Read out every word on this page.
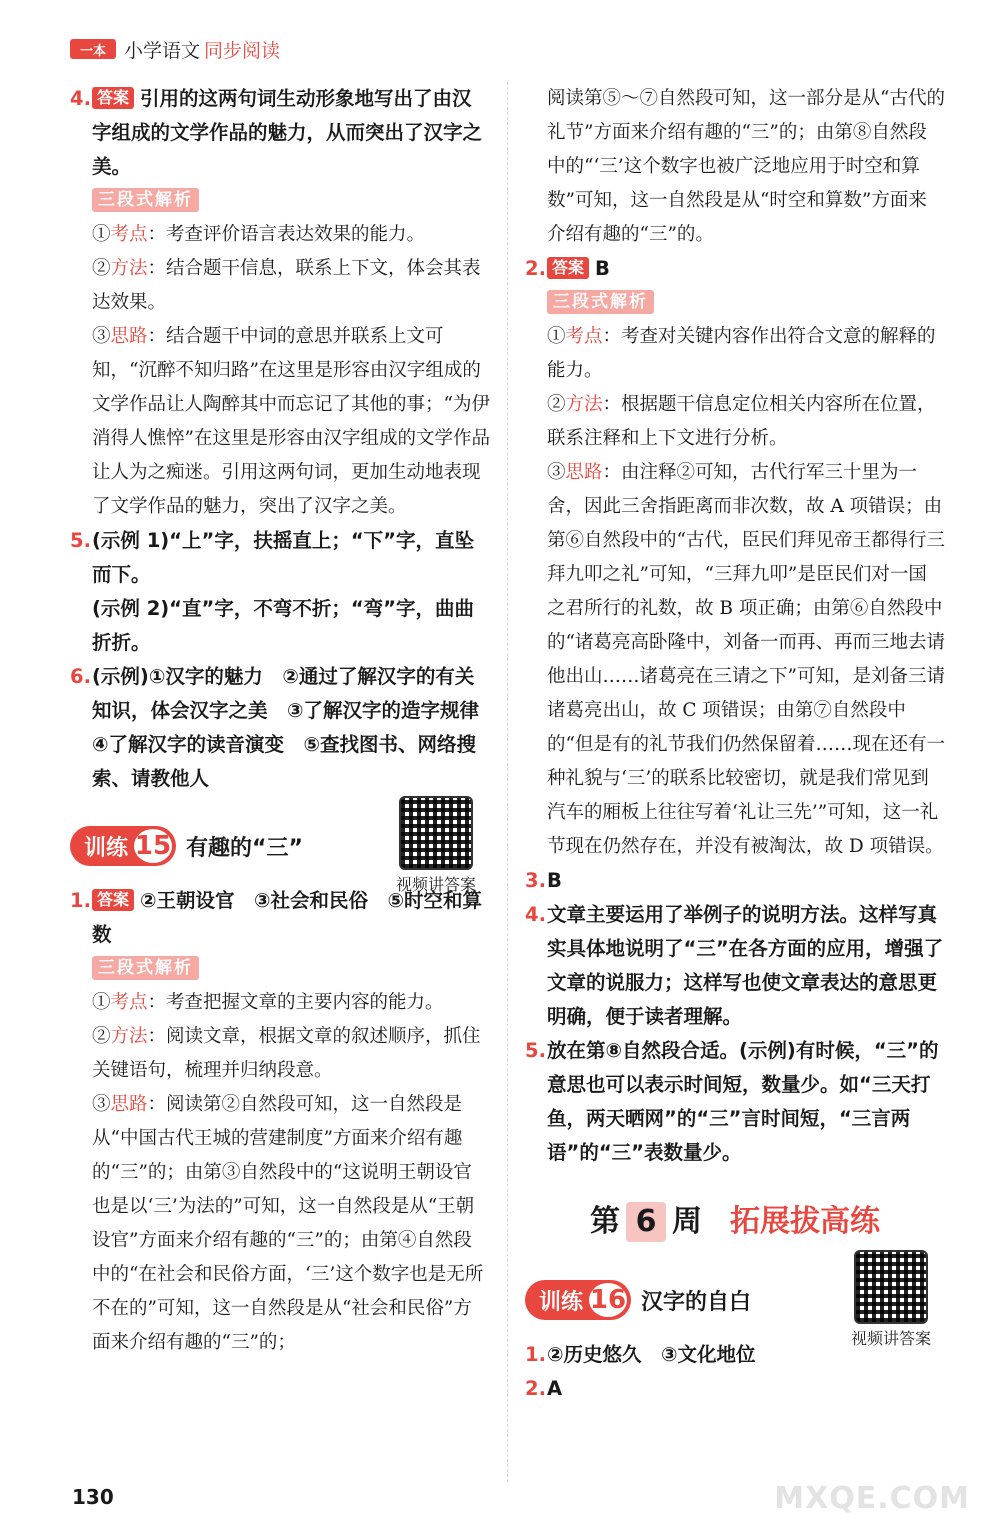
一本 小学语文 同步阅读
4. 答案 引用的这两句词生动形象地写出了由汉字组成的文学作品的魅力，从而突出了汉字之美。
三段式解析
①考点：考查评价语言表达效果的能力。
②方法：结合题干信息，联系上下文，体会其表达效果。
③思路：结合题干中词的意思并联系上文可知，“沉醉不知归路”在这里是形容由汉字组成的文学作品让人陶醉其中而忘记了其他的事；“为伊消得人憔悴”在这里是形容由汉字组成的文学作品让人为之痴迷。引用这两句词，更加生动地表现了文学作品的魅力，突出了汉字之美。
5. (示例 1)“上”字，扶摇直上；“下”字，直坠而下。
(示例 2)“直”字，不弯不折；“弯”字，曲曲折折。
6. (示例)①汉字的魅力　②通过了解汉字的有关知识，体会汉字之美　③了解汉字的造字规律　④了解汉字的读音演变　⑤查找图书、网络搜索、请教他人
训练 15 有趣的“三”
视频讲答案
1. 答案 ②王朝设官　③社会和民俗　⑤时空和算数
三段式解析
①考点：考查把握文章的主要内容的能力。
②方法：阅读文章，根据文章的叙述顺序，抓住关键语句，梳理并归纳段意。
③思路：阅读第②自然段可知，这一自然段是从“中国古代王城的营建制度”方面来介绍有趣的“三”的；由第③自然段中的“这说明王朝设官也是以‘三’为法的”可知，这一自然段是从“王朝设官”方面来介绍有趣的“三”的；由第④自然段中的“在社会和民俗方面，‘三’这个数字也是无所不在的”可知，这一自然段是从“社会和民俗”方面来介绍有趣的“三”的；
阅读第⑤～⑦自然段可知，这一部分是从“古代的礼节”方面来介绍有趣的“三”的；由第⑧自然段中的“‘三’这个数字也被广泛地应用于时空和算数”可知，这一自然段是从“时空和算数”方面来介绍有趣的“三”的。
2. 答案 B
三段式解析
①考点：考查对关键内容作出符合文意的解释的能力。
②方法：根据题干信息定位相关内容所在位置，联系注释和上下文进行分析。
③思路：由注释②可知，古代行军三十里为一舍，因此三舍指距离而非次数，故 A 项错误；由第⑥自然段中的“古代，臣民们拜见帝王都得行三拜九叩之礼”可知，“三拜九叩”是臣民们对一国之君所行的礼数，故 B 项正确；由第⑥自然段中的“诸葛亮高卧隆中，刘备一而再、再而三地去请他出山……诸葛亮在三请之下”可知，是刘备三请诸葛亮出山，故 C 项错误；由第⑦自然段中的“但是有的礼节我们仍然保留着……现在还有一种礼貌与‘三’的联系比较密切，就是我们常见到汽车的厢板上往往写着‘礼让三先’”可知，这一礼节现在仍然存在，并没有被淘汰，故 D 项错误。
3. B
4. 文章主要运用了举例子的说明方法。这样写真实具体地说明了“三”在各方面的应用，增强了文章的说服力；这样写也使文章表达的意思更明确，便于读者理解。
5. 放在第⑧自然段合适。(示例)有时候，“三”的意思也可以表示时间短，数量少。如“三天打鱼，两天晒网”的“三”言时间短，“三言两语”的“三”表数量少。
第 6 周 拓展拔高练
训练 16 汉字的自白
视频讲答案
1. ②历史悠久　③文化地位
2. A
130	MXQE.COM
